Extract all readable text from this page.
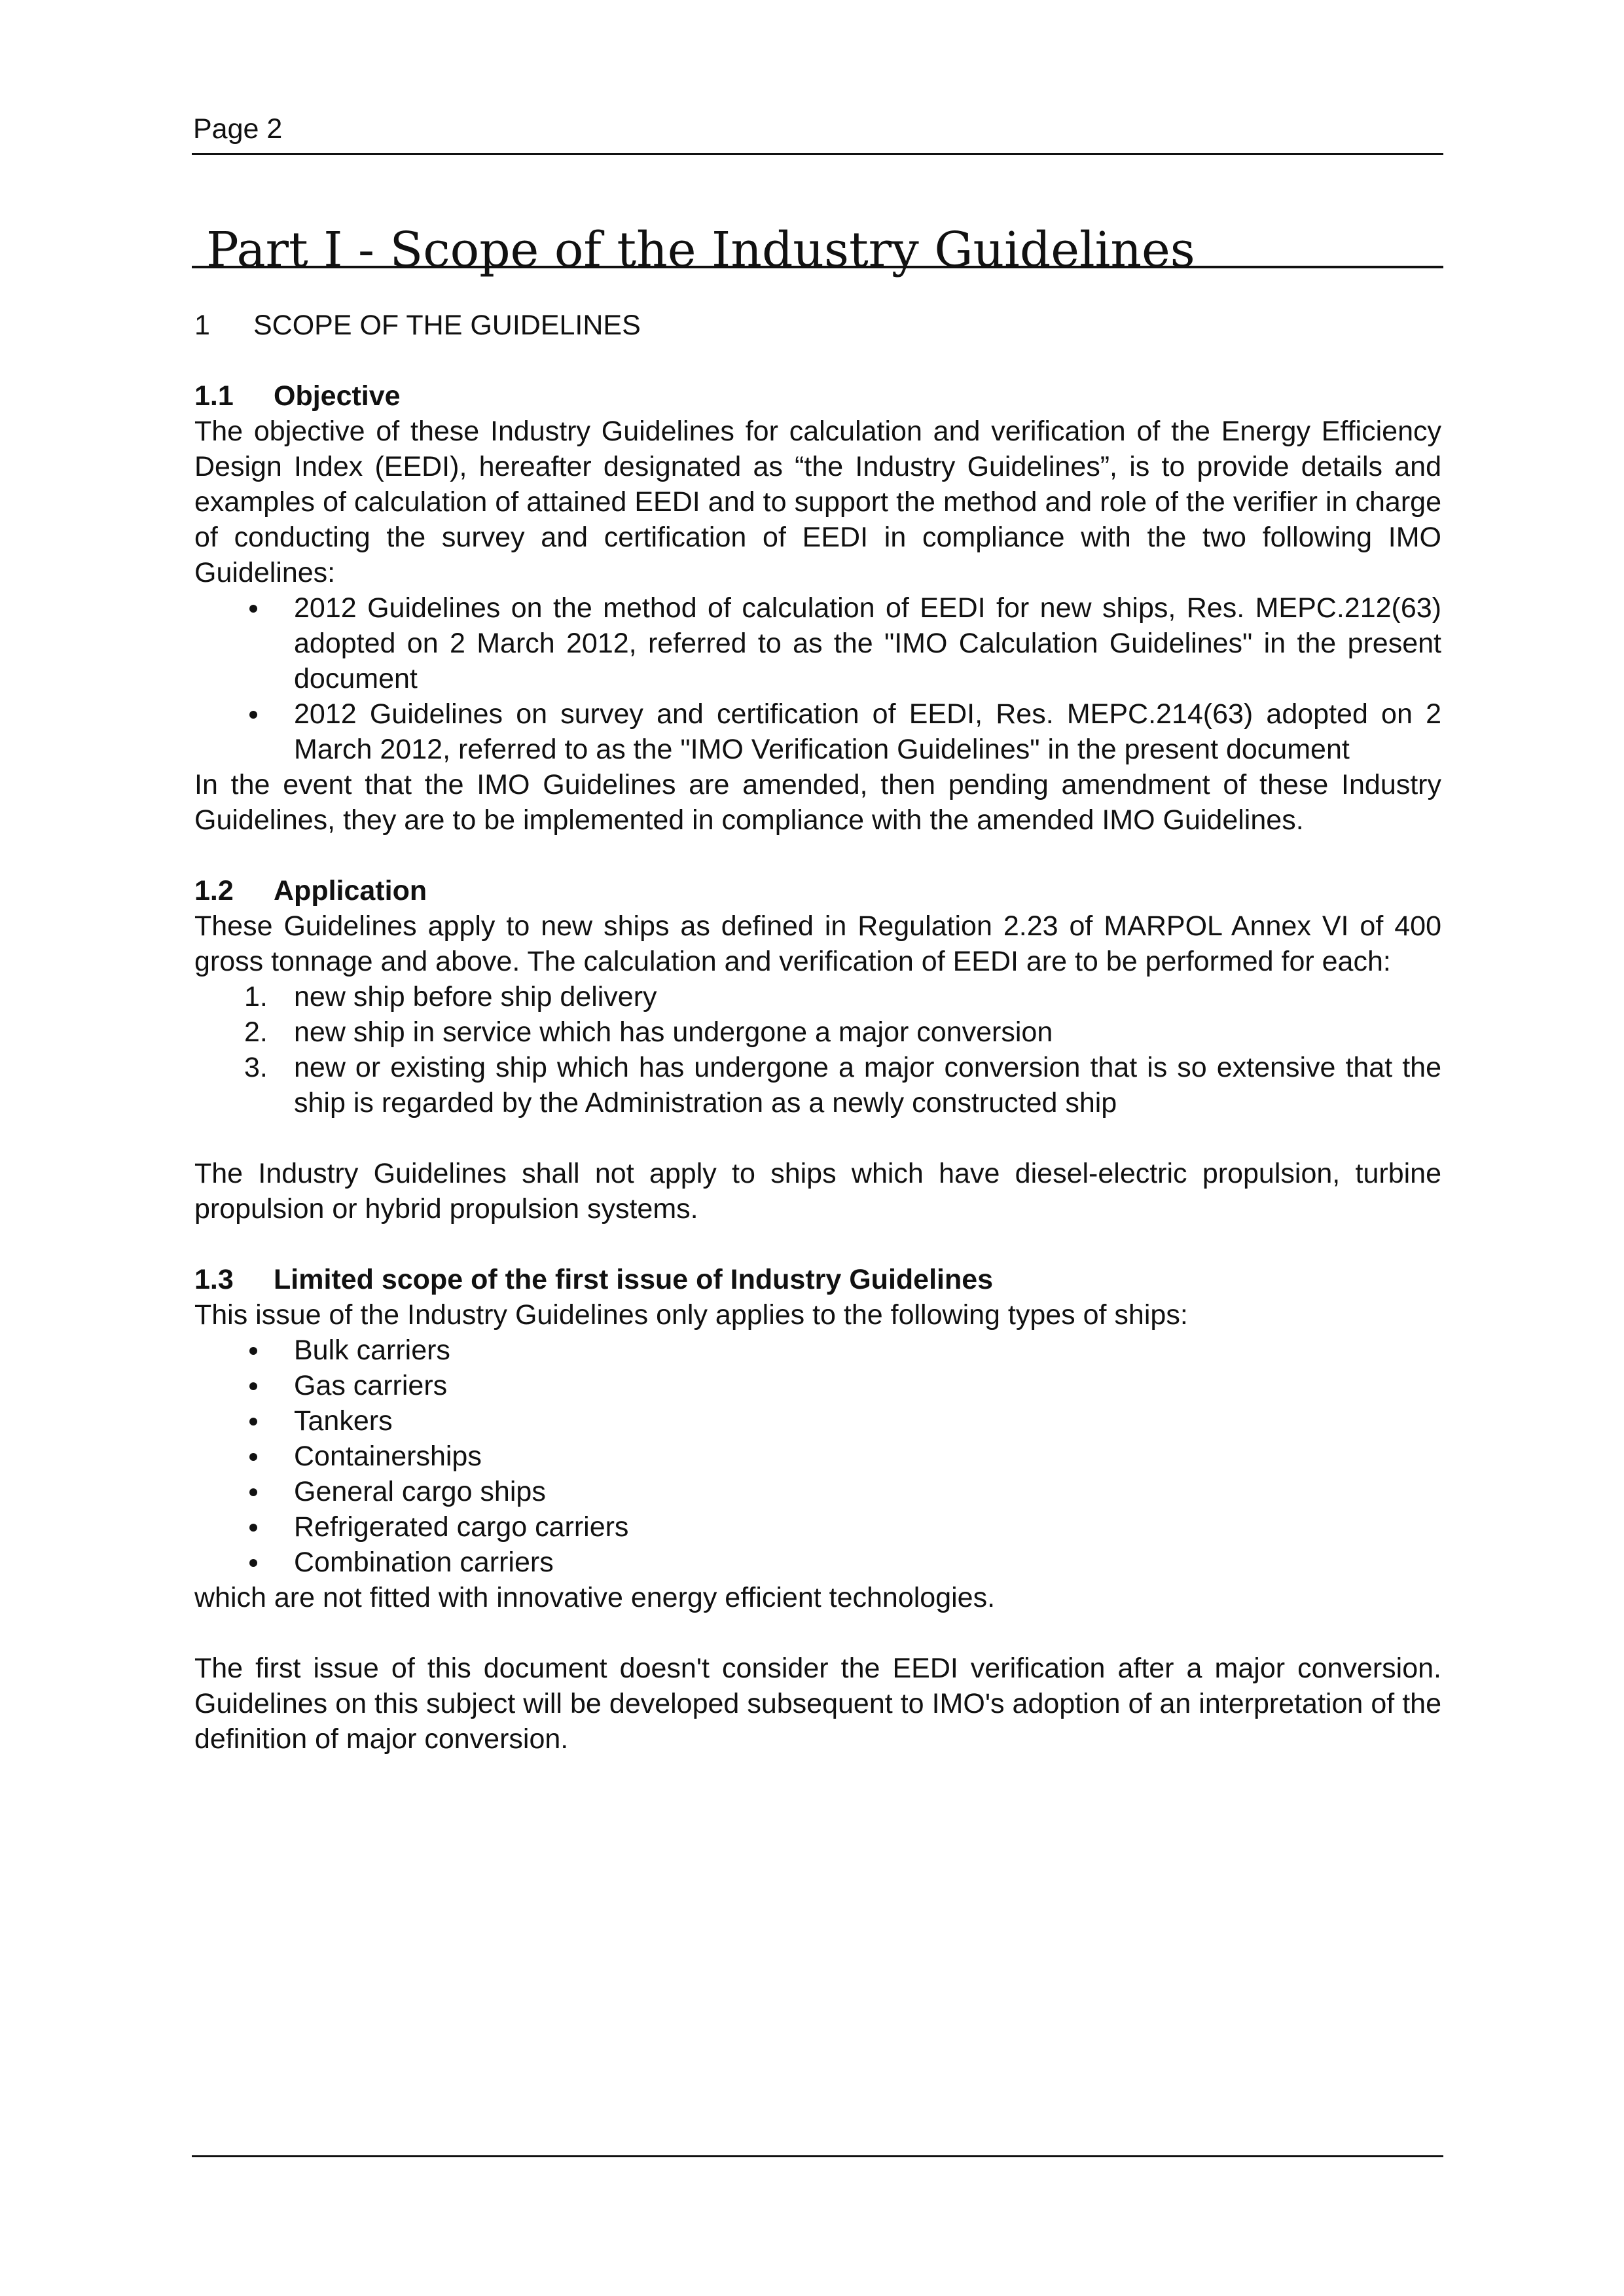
Page 2
Part I - Scope of the Industry Guidelines
1	SCOPE OF THE GUIDELINES
1.1	Objective

The objective of these Industry Guidelines for calculation and verification of the Energy Efficiency Design Index (EEDI), hereafter designated as “the Industry Guidelines”, is to provide details and examples of calculation of attained EEDI and to support the method and role of the verifier in charge of conducting the survey and certification of EEDI in compliance with the two following IMO Guidelines:

2012 Guidelines on the method of calculation of EEDI for new ships, Res. MEPC.212(63) adopted on 2 March 2012, referred to as the "IMO Calculation Guidelines" in the present document
2012 Guidelines on survey and certification of EEDI, Res. MEPC.214(63) adopted on 2 March 2012, referred to as the "IMO Verification Guidelines" in the present document

In the event that the IMO Guidelines are amended, then pending amendment of these Industry Guidelines, they are to be implemented in compliance with the amended IMO Guidelines.

1.2	Application

These Guidelines apply to new ships as defined in Regulation 2.23 of MARPOL Annex VI of 400 gross tonnage and above. The calculation and verification of EEDI are to be performed for each:

1. new ship before ship delivery
2. new ship in service which has undergone a major conversion
3. new or existing ship which has undergone a major conversion that is so extensive that the ship is regarded by the Administration as a newly constructed ship

The Industry Guidelines shall not apply to ships which have diesel-electric propulsion, turbine propulsion or hybrid propulsion systems.

1.3	Limited scope of the first issue of Industry Guidelines

This issue of the Industry Guidelines only applies to the following types of ships:

Bulk carriers
Gas carriers
Tankers
Containerships
General cargo ships
Refrigerated cargo carriers
Combination carriers

which are not fitted with innovative energy efficient technologies.

The first issue of this document doesn't consider the EEDI verification after a major conversion. Guidelines on this subject will be developed subsequent to IMO's adoption of an interpretation of the definition of major conversion.
